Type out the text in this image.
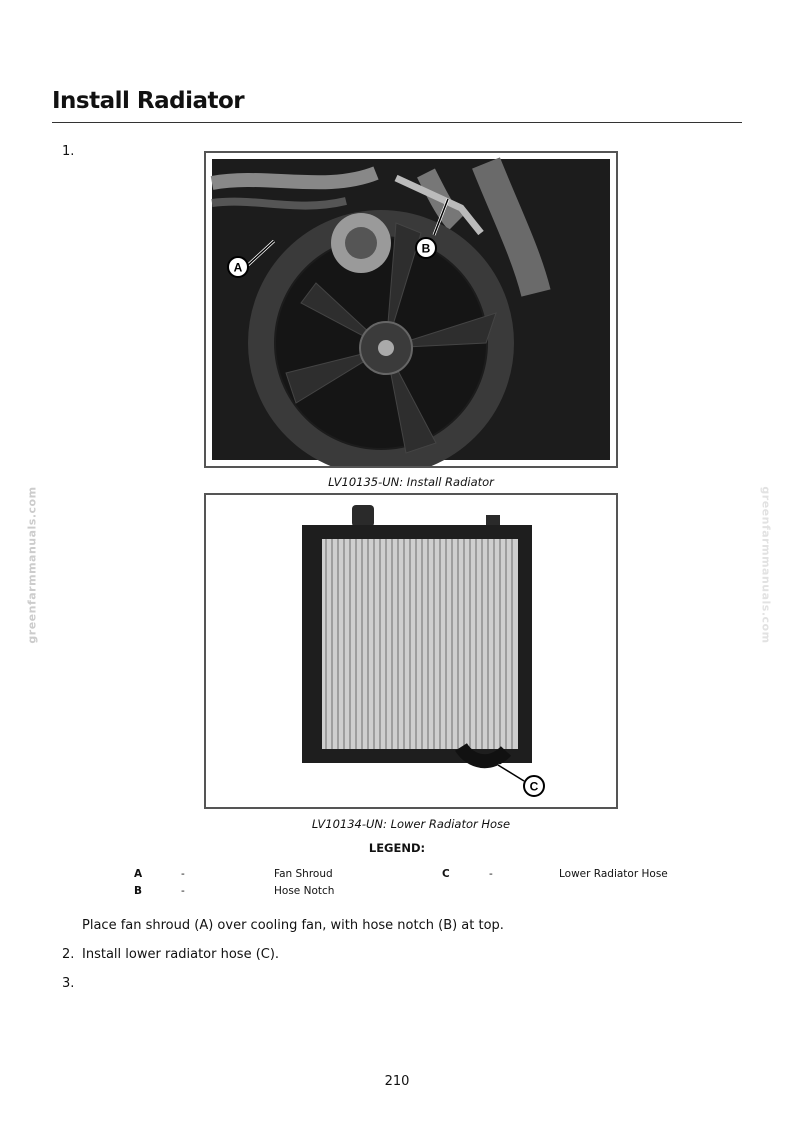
greenfarmmanuals.com	greenfarmmanuals.com
Install Radiator
1.
A
B
LV10135-UN: Install Radiator
C
LV10134-UN: Lower Radiator Hose
LEGEND:
A	-	Fan Shroud
B	-	Hose Notch
C	-	Lower Radiator Hose
Place fan shroud (A) over cooling fan, with hose notch (B) at top.
2. Install lower radiator hose (C).
3.
210
